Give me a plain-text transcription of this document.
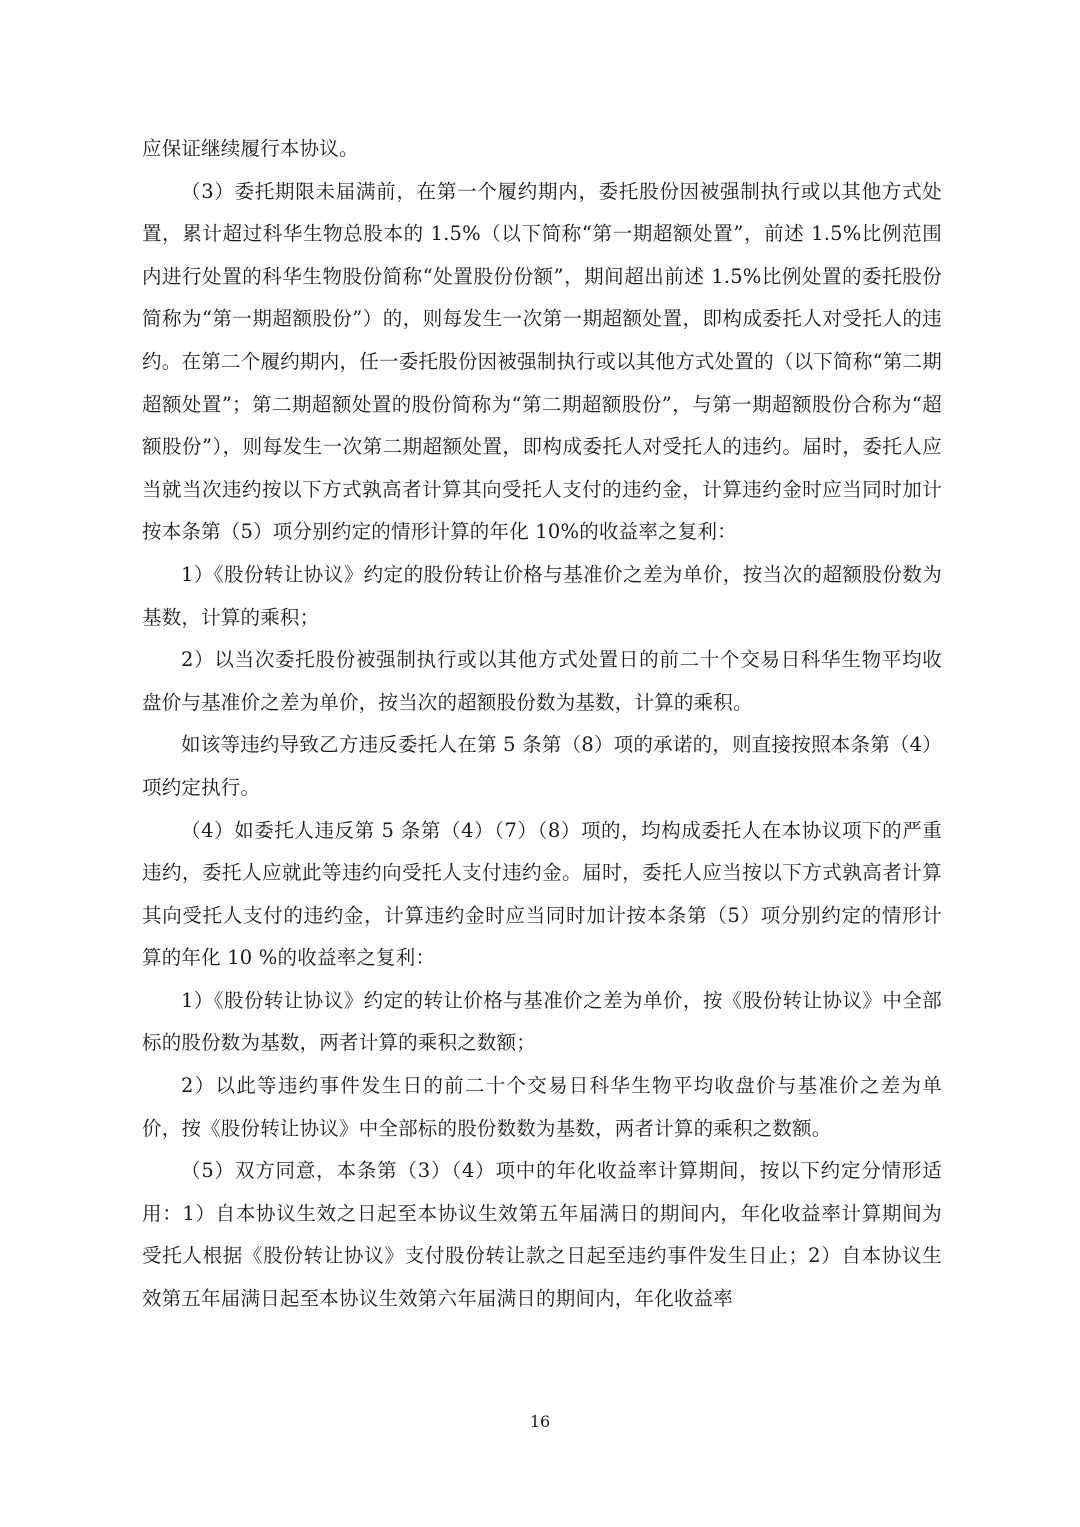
应保证继续履行本协议。

（3）委托期限未届满前，在第一个履约期内，委托股份因被强制执行或以其他方式处置，累计超过科华生物总股本的 1.5%（以下简称“第一期超额处置”，前述 1.5%比例范围内进行处置的科华生物股份简称“处置股份份额”，期间超出前述 1.5%比例处置的委托股份简称为“第一期超额股份”）的，则每发生一次第一期超额处置，即构成委托人对受托人的违约。在第二个履约期内，任一委托股份因被强制执行或以其他方式处置的（以下简称“第二期超额处置”；第二期超额处置的股份简称为“第二期超额股份”，与第一期超额股份合称为“超额股份”），则每发生一次第二期超额处置，即构成委托人对受托人的违约。届时，委托人应当就当次违约按以下方式孰高者计算其向受托人支付的违约金，计算违约金时应当同时加计按本条第（5）项分别约定的情形计算的年化 10%的收益率之复利：

1）《股份转让协议》约定的股份转让价格与基准价之差为单价，按当次的超额股份数为基数，计算的乘积；

2）以当次委托股份被强制执行或以其他方式处置日的前二十个交易日科华生物平均收盘价与基准价之差为单价，按当次的超额股份数为基数，计算的乘积。

如该等违约导致乙方违反委托人在第 5 条第（8）项的承诺的，则直接按照本条第（4）项约定执行。

（4）如委托人违反第 5 条第（4）（7）（8）项的，均构成委托人在本协议项下的严重违约，委托人应就此等违约向受托人支付违约金。届时，委托人应当按以下方式孰高者计算其向受托人支付的违约金，计算违约金时应当同时加计按本条第（5）项分别约定的情形计算的年化 10 %的收益率之复利：

1）《股份转让协议》约定的转让价格与基准价之差为单价，按《股份转让协议》中全部标的股份数为基数，两者计算的乘积之数额；

2）以此等违约事件发生日的前二十个交易日科华生物平均收盘价与基准价之差为单价，按《股份转让协议》中全部标的股份数数为基数，两者计算的乘积之数额。

（5）双方同意，本条第（3）（4）项中的年化收益率计算期间，按以下约定分情形适用：1）自本协议生效之日起至本协议生效第五年届满日的期间内，年化收益率计算期间为受托人根据《股份转让协议》支付股份转让款之日起至违约事件发生日止；2）自本协议生效第五年届满日起至本协议生效第六年届满日的期间内，年化收益率

16
